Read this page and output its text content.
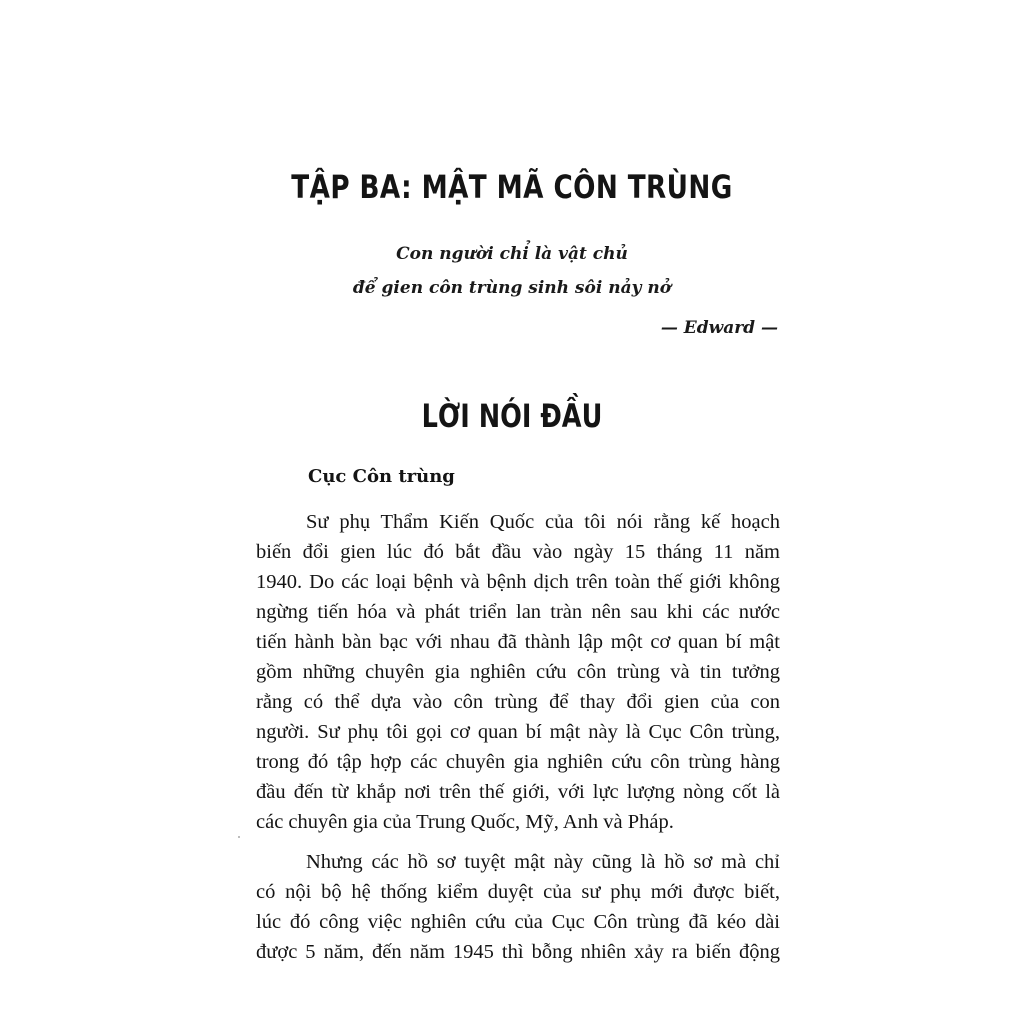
TẬP BA: MẬT MÃ CÔN TRÙNG
Con người chỉ là vật chủ
để gien côn trùng sinh sôi nảy nở
— Edward —
LỜI NÓI ĐẦU
Cục Côn trùng
Sư phụ Thẩm Kiến Quốc của tôi nói rằng kế hoạch
biến đổi gien lúc đó bắt đầu vào ngày 15 tháng 11 năm
1940. Do các loại bệnh và bệnh dịch trên toàn thế giới không
ngừng tiến hóa và phát triển lan tràn nên sau khi các nước
tiến hành bàn bạc với nhau đã thành lập một cơ quan bí mật
gồm những chuyên gia nghiên cứu côn trùng và tin tưởng
rằng có thể dựa vào côn trùng để thay đổi gien của con
người. Sư phụ tôi gọi cơ quan bí mật này là Cục Côn trùng,
trong đó tập hợp các chuyên gia nghiên cứu côn trùng hàng
đầu đến từ khắp nơi trên thế giới, với lực lượng nòng cốt là
các chuyên gia của Trung Quốc, Mỹ, Anh và Pháp.
Nhưng các hồ sơ tuyệt mật này cũng là hồ sơ mà chỉ
có nội bộ hệ thống kiểm duyệt của sư phụ mới được biết,
lúc đó công việc nghiên cứu của Cục Côn trùng đã kéo dài
được 5 năm, đến năm 1945 thì bỗng nhiên xảy ra biến động
